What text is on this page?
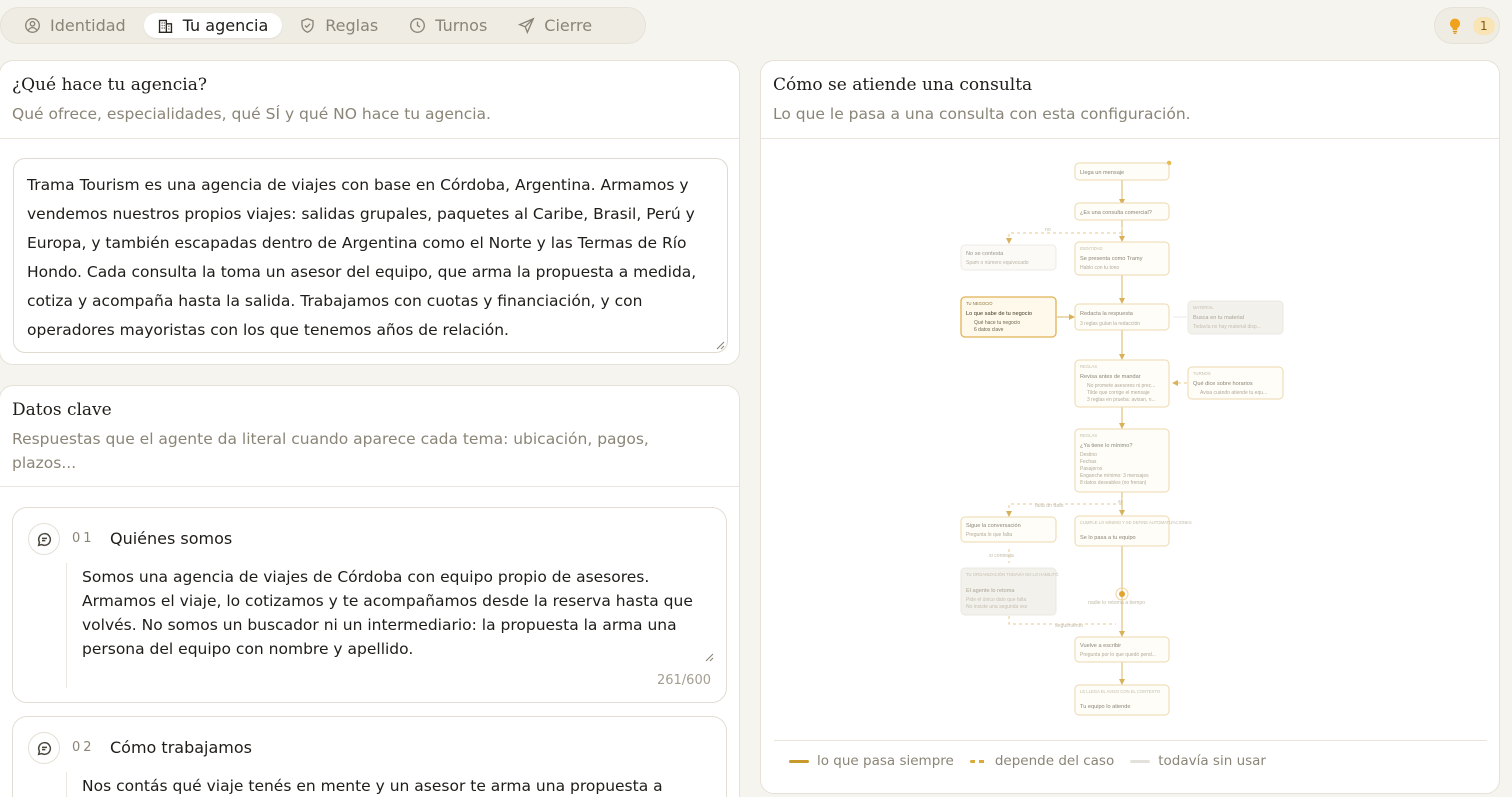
Identidad	Tu agencia	Reglas	Turnos	Cierre	1
¿Qué hace tu agencia?
Qué ofrece, especialidades, qué SÍ y qué NO hace tu agencia.
Trama Tourism es una agencia de viajes con base en Córdoba, Argentina. Armamos y
vendemos nuestros propios viajes: salidas grupales, paquetes al Caribe, Brasil, Perú y
Europa, y también escapadas dentro de Argentina como el Norte y las Termas de Río
Hondo. Cada consulta la toma un asesor del equipo, que arma la propuesta a medida,
cotiza y acompaña hasta la salida. Trabajamos con cuotas y financiación, y con
operadores mayoristas con los que tenemos años de relación.
Datos clave
Respuestas que el agente da literal cuando aparece cada tema: ubicación, pagos,
plazos...
01 Quiénes somos
Somos una agencia de viajes de Córdoba con equipo propio de asesores.
Armamos el viaje, lo cotizamos y te acompañamos desde la reserva hasta que
volvés. No somos un buscador ni un intermediario: la propuesta la arma una
persona del equipo con nombre y apellido.
261/600
02 Cómo trabajamos
Nos contás qué viaje tenés en mente y un asesor te arma una propuesta a
Cómo se atiende una consulta
Lo que le pasa a una consulta con esta configuración.
no
falta un dato
sí
si contesta
nadie lo retoma a tiempo
seguimiento
Llega un mensaje
¿Es una consulta comercial?
IDENTIDAD
Se presenta como Tramy
Hablo con tu tono
No se contesta
Spam o número equivocado
TU NEGOCIO
Lo que sabe de tu negocio
Qué hace tu negocio
6 datos clave
Redacta la respuesta
3 reglas guían la redacción
MATERIAL
Busca en tu material
Todavía no hay material disp...
REGLAS
Revisa antes de mandar
No promete asesores ni prec...
Tilde que corrige el mensaje
3 reglas en prueba: avisan, n...
TURNOS
Qué dice sobre horarios
Avisa cuándo atiende tu equ...
REGLAS
¿Ya tiene lo mínimo?
Destino
Fechas
Pasajeros
Enganche mínimo: 3 mensajes
8 datos deseables (no frenan)
Sigue la conversación
Pregunta lo que falta
CUMPLE LO MÍNIMO Y SE DEFINE AUTOMATIZACIONES
Se lo pasa a tu equipo
TU ORGANIZACIÓN TODAVÍA NO LO HABILITÓ
El agente lo retoma
Pide el único dato que falta
No insiste una segunda vez
Vuelve a escribir
Pregunta por lo que quedó pend...
LE LLEGA EL AVISO CON EL CONTEXTO
Tu equipo lo atiende
lo que pasa siempre	depende del caso	todavía sin usar
